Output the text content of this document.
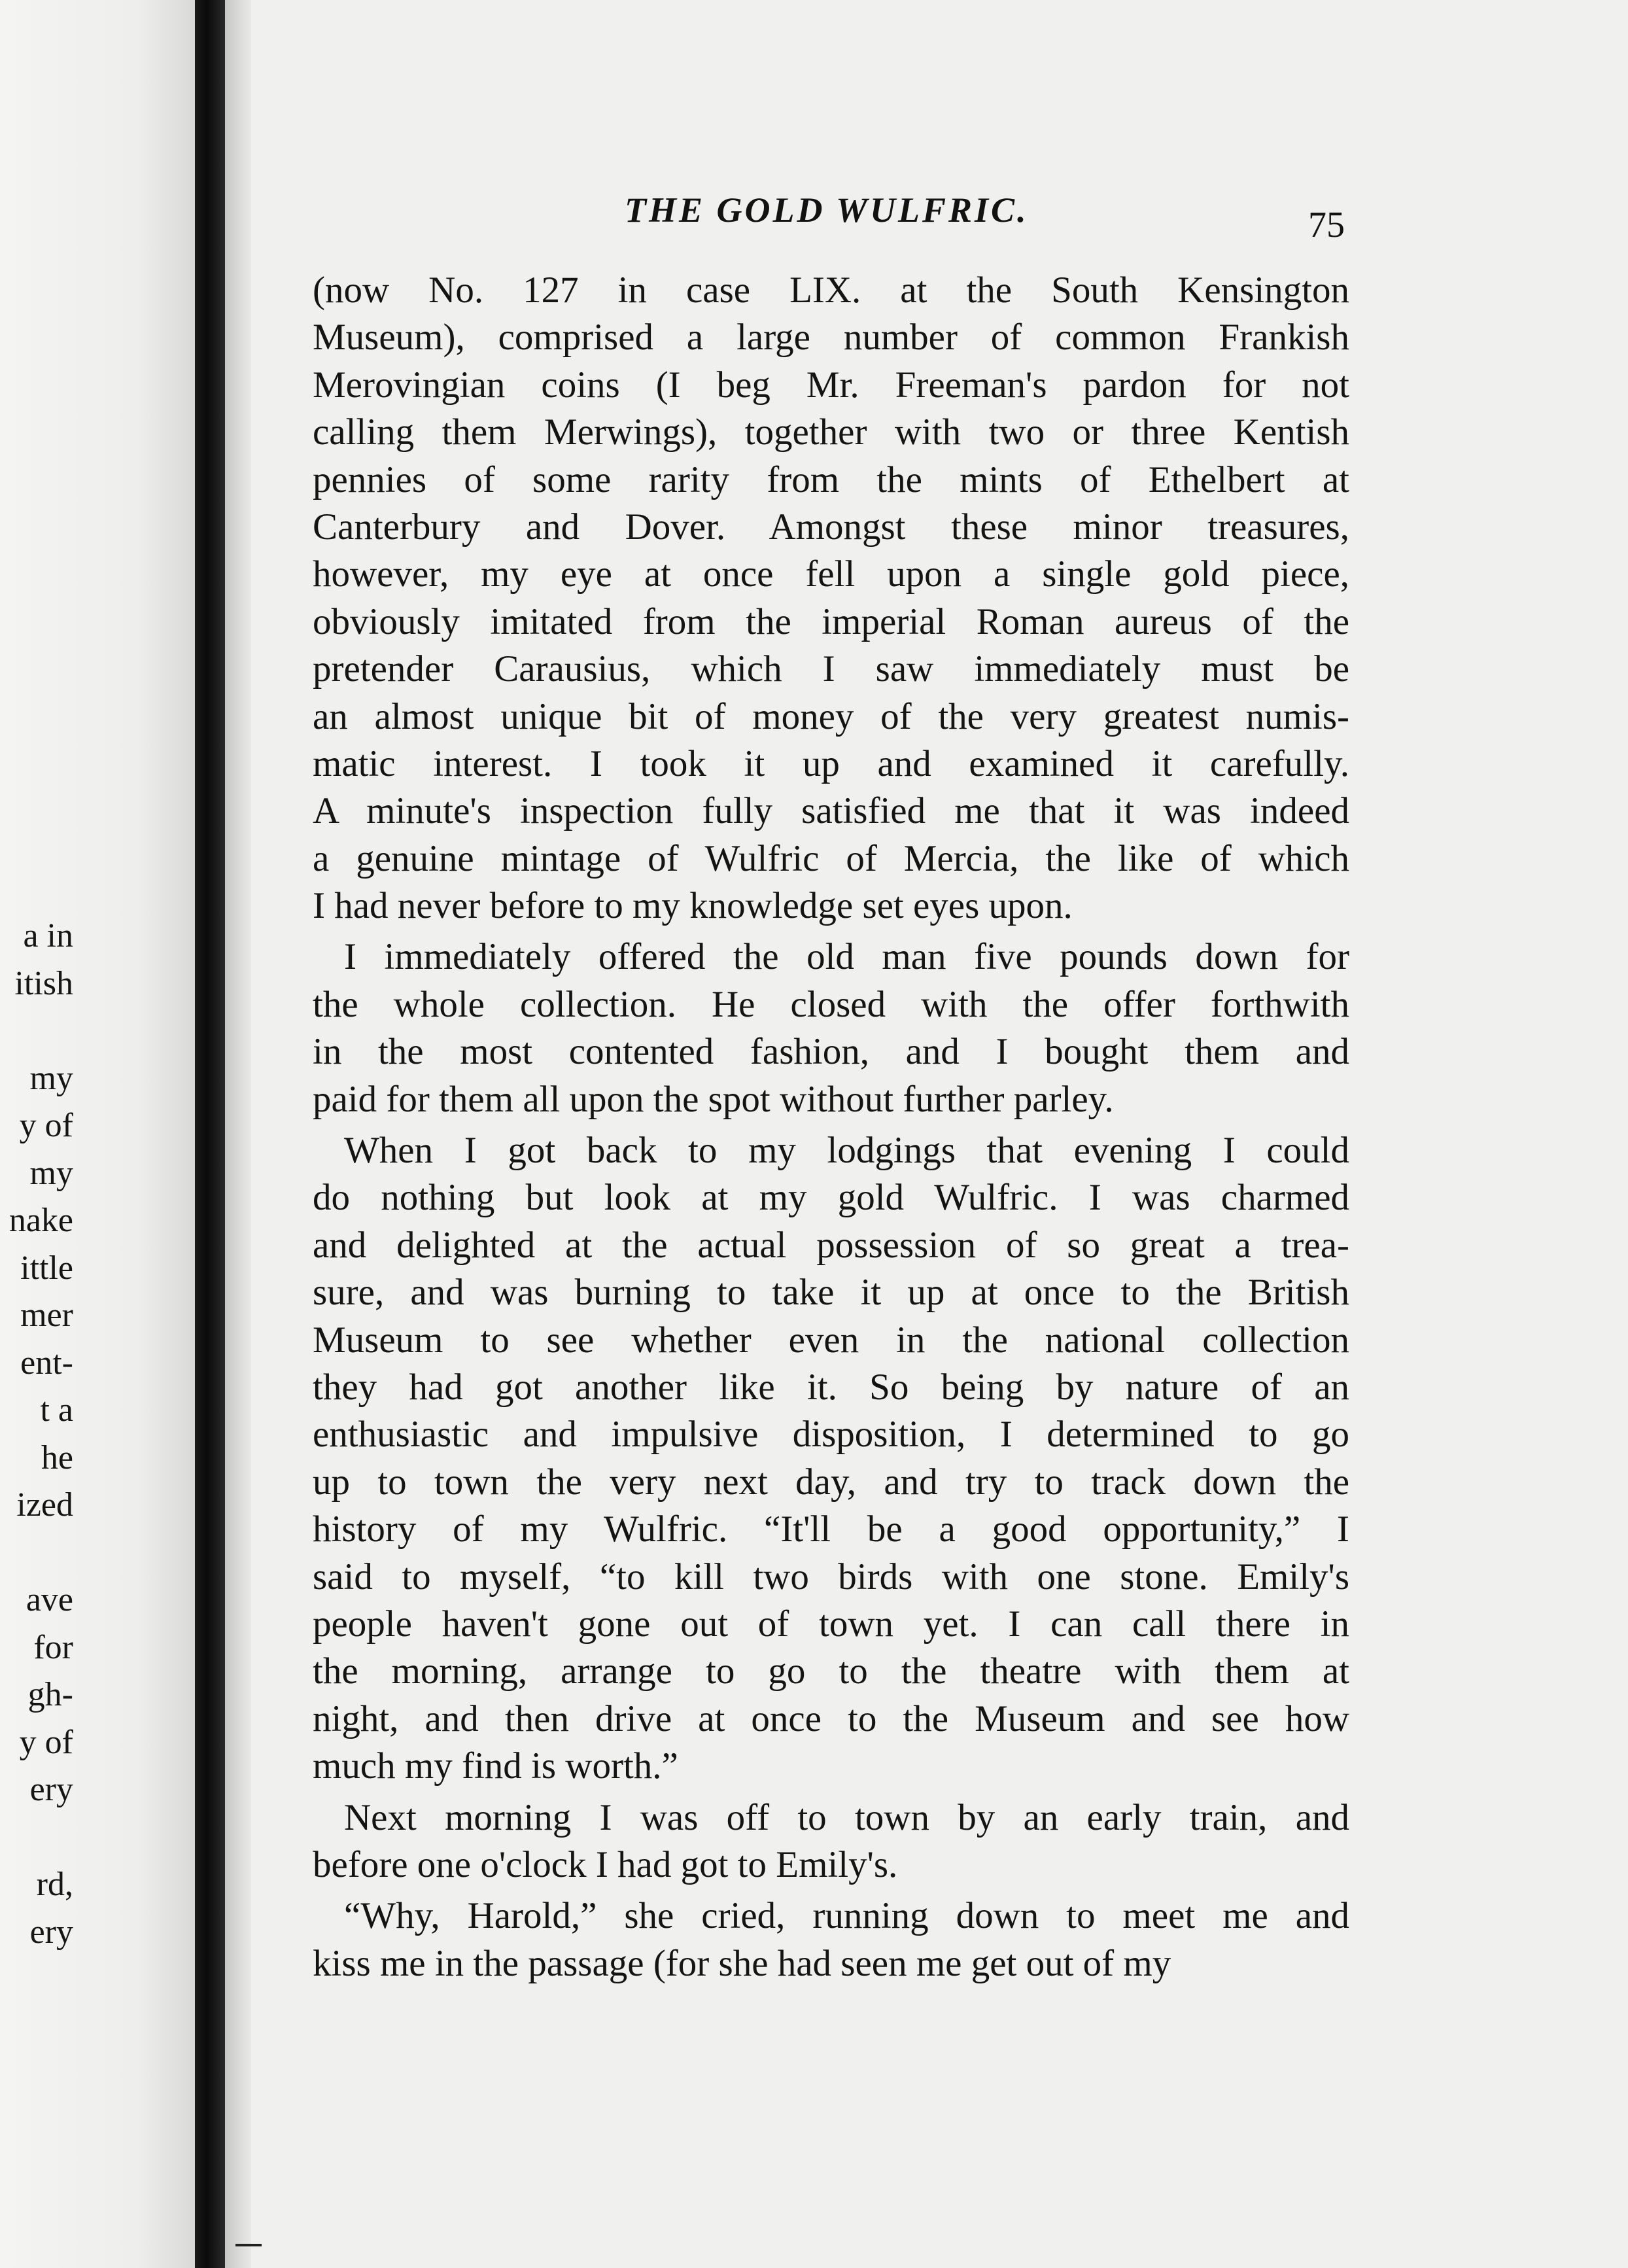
a in
itish
my
y of
my
nake
ittle
mer
ent-
t a
he
ized
ave
for
gh-
y of
ery
rd,
ery
THE GOLD WULFRIC.	75
(now No. 127 in case LIX. at the South Kensington
Museum), comprised a large number of common Frankish
Merovingian coins (I beg Mr. Freeman's pardon for not
calling them Merwings), together with two or three Kentish
pennies of some rarity from the mints of Ethelbert at
Canterbury and Dover. Amongst these minor treasures,
however, my eye at once fell upon a single gold piece,
obviously imitated from the imperial Roman aureus of the
pretender Carausius, which I saw immediately must be
an almost unique bit of money of the very greatest numis-
matic interest. I took it up and examined it carefully.
A minute's inspection fully satisfied me that it was indeed
a genuine mintage of Wulfric of Mercia, the like of which
I had never before to my knowledge set eyes upon.
I immediately offered the old man five pounds down for
the whole collection. He closed with the offer forthwith
in the most contented fashion, and I bought them and
paid for them all upon the spot without further parley.
When I got back to my lodgings that evening I could
do nothing but look at my gold Wulfric. I was charmed
and delighted at the actual possession of so great a trea-
sure, and was burning to take it up at once to the British
Museum to see whether even in the national collection
they had got another like it. So being by nature of an
enthusiastic and impulsive disposition, I determined to go
up to town the very next day, and try to track down the
history of my Wulfric. “It'll be a good opportunity,” I
said to myself, “to kill two birds with one stone. Emily's
people haven't gone out of town yet. I can call there in
the morning, arrange to go to the theatre with them at
night, and then drive at once to the Museum and see how
much my find is worth.”
Next morning I was off to town by an early train, and
before one o'clock I had got to Emily's.
“Why, Harold,” she cried, running down to meet me and
kiss me in the passage (for she had seen me get out of my
